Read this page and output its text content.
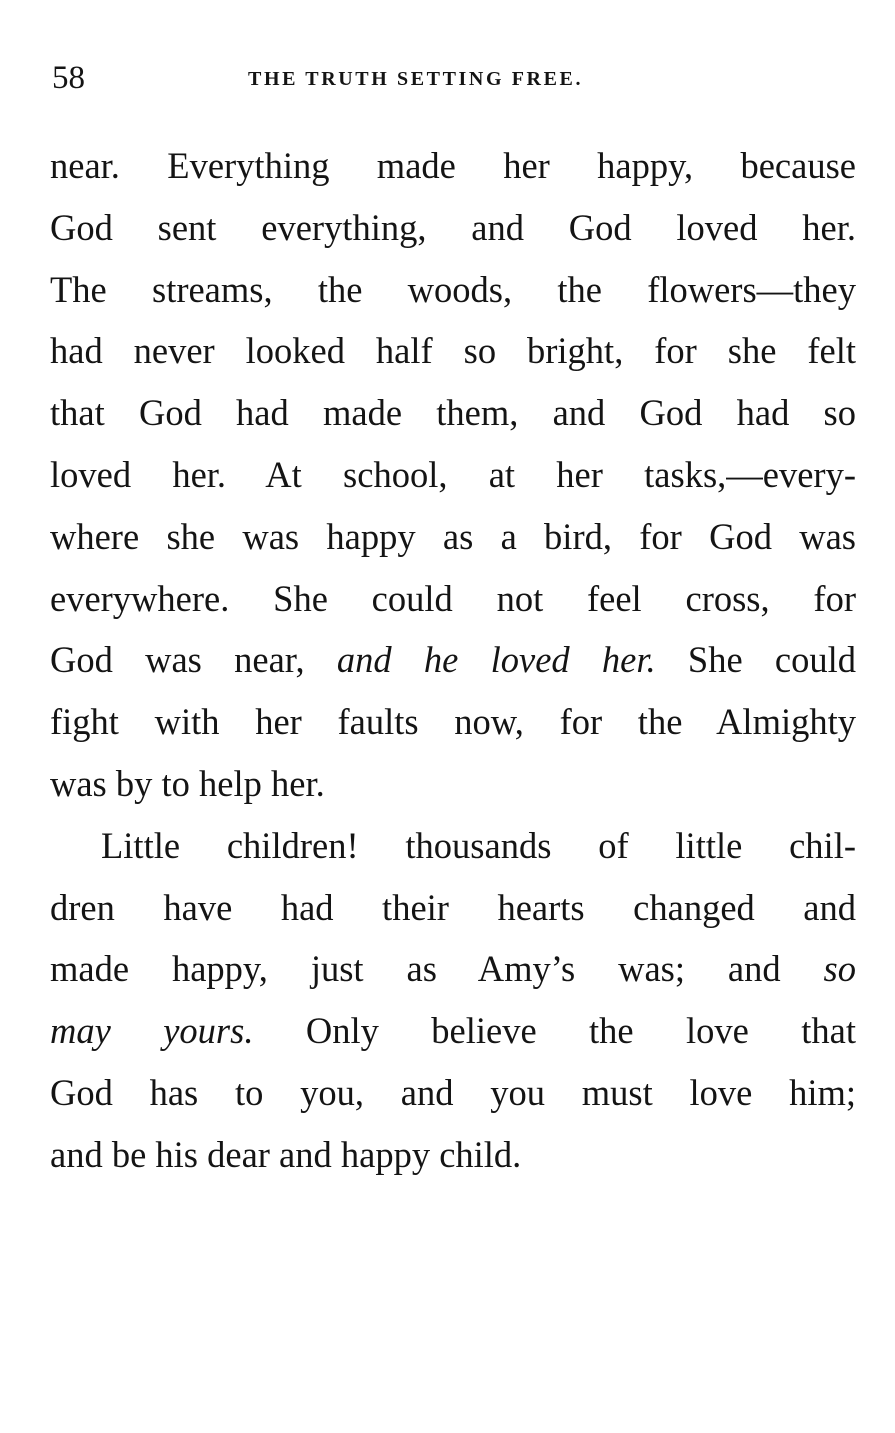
58	THE TRUTH SETTING FREE.
near. Everything made her happy, because
God sent everything, and God loved her.
The streams, the woods, the flowers—they
had never looked half so bright, for she felt
that God had made them, and God had so
loved her. At school, at her tasks,—every-
where she was happy as a bird, for God was
everywhere. She could not feel cross, for
God was near, and he loved her. She could
fight with her faults now, for the Almighty
was by to help her.
Little children! thousands of little chil-
dren have had their hearts changed and
made happy, just as Amy’s was; and so
may yours. Only believe the love that
God has to you, and you must love him;
and be his dear and happy child.
